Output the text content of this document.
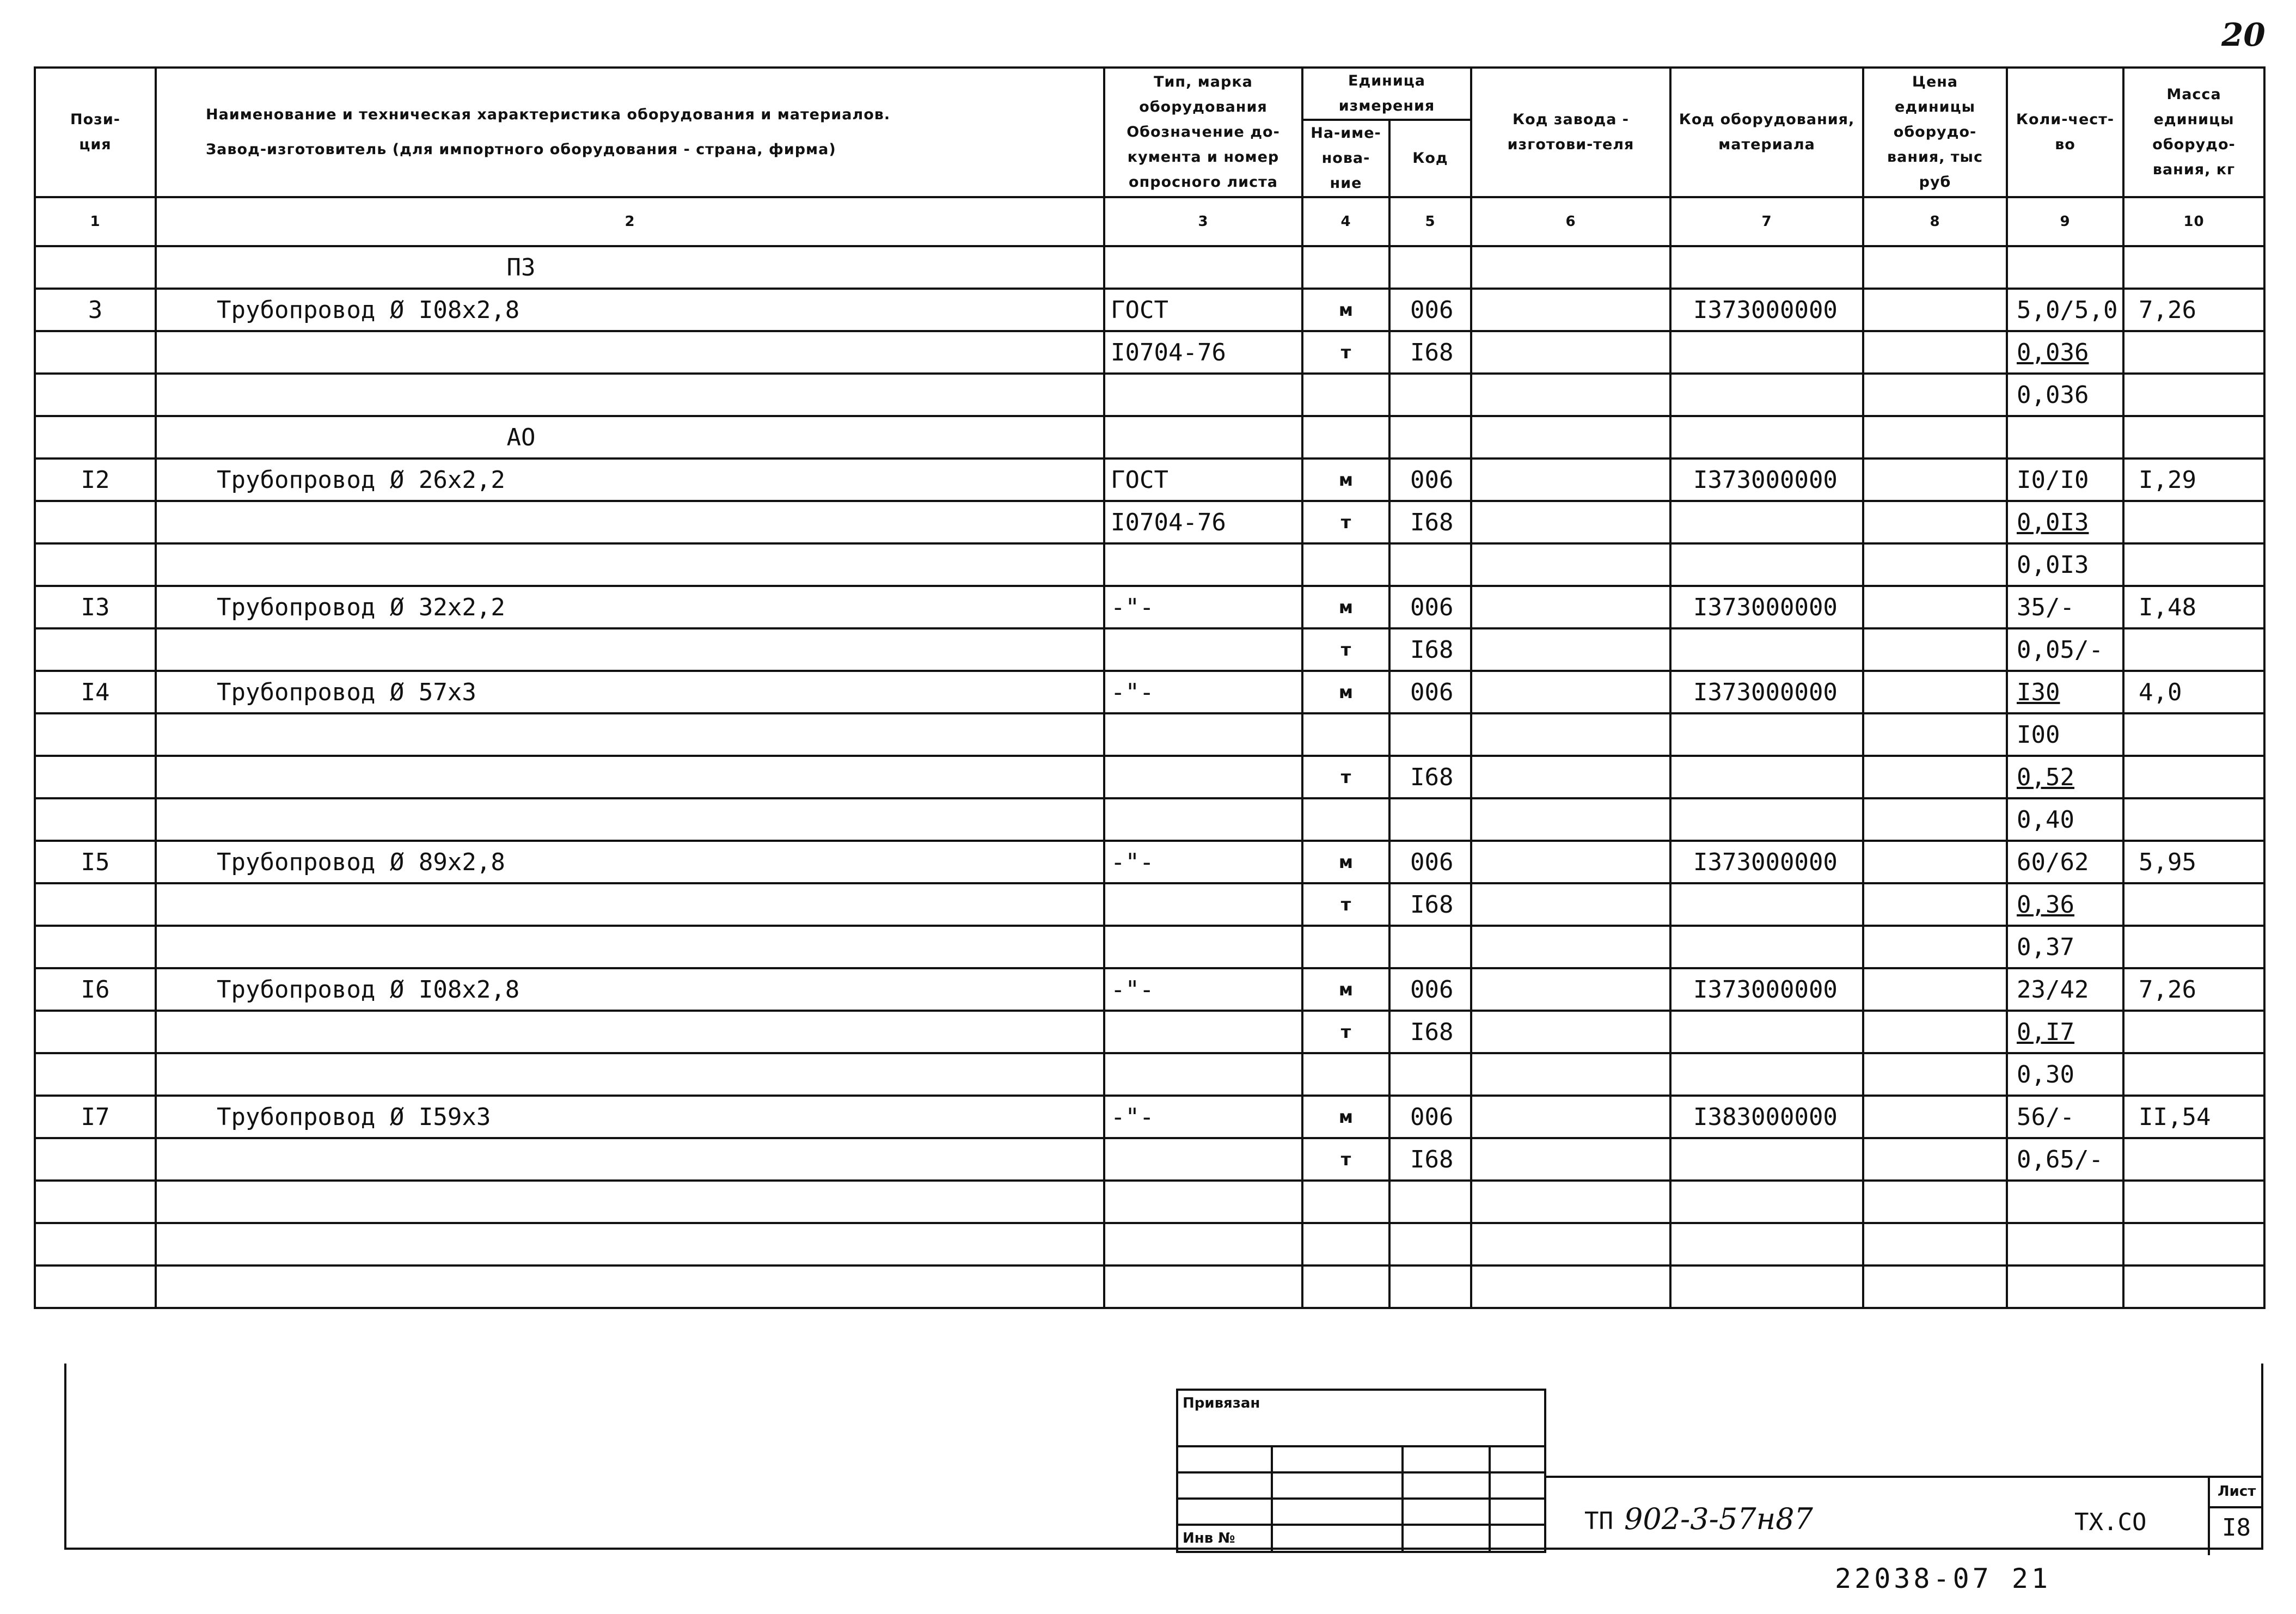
20
Пози-
ция	Наименование и техническая характеристика оборудования и материалов.
Завод-изготовитель (для импортного оборудования - страна, фирма)	Тип, марка оборудования Обозначение до-кумента и номер опросного листа	Единица измерения		Код завода - изготови-теля	Код оборудования, материала	Цена единицы оборудо-вания, тыс руб	Коли-чест-во	Масса единицы оборудо-вания, кг
			На-име-нова-ние	Код					
1	2	3	4	5	6	7	8	9	10
	ПЗ								
3	Трубопровод Ø I08х2,8	ГОСТ	м	006		I373000000		5,0/5,0	7,26
		I0704-76	т	I68				0,036	
								0,036	
	АО								
I2	Трубопровод Ø 26х2,2	ГОСТ	м	006		I373000000		I0/I0	I,29
		I0704-76	т	I68				0,0I3	
								0,0I3	
I3	Трубопровод Ø 32х2,2	-"-	м	006		I373000000		35/-	I,48
			т	I68				0,05/-	
I4	Трубопровод Ø 57х3	-"-	м	006		I373000000		I30	4,0
								I00	
			т	I68				0,52	
								0,40	
I5	Трубопровод Ø 89х2,8	-"-	м	006		I373000000		60/62	5,95
			т	I68				0,36	
								0,37	
I6	Трубопровод Ø I08х2,8	-"-	м	006		I373000000		23/42	7,26
			т	I68				0,I7	
								0,30	
I7	Трубопровод Ø I59х3	-"-	м	006		I383000000		56/-	II,54
			т	I68				0,65/-	

Привязан
Инв №
ТП 902-3-57н87	ТХ.СО
Лист
I8
22038-07 21
